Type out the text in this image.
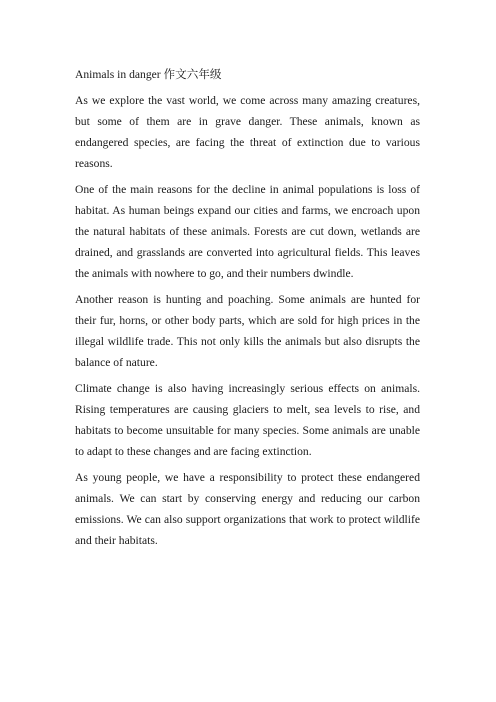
Animals in danger 作文六年级

As we explore the vast world, we come across many amazing creatures, but some of them are in grave danger. These animals, known as endangered species, are facing the threat of extinction due to various reasons.

One of the main reasons for the decline in animal populations is loss of habitat. As human beings expand our cities and farms, we encroach upon the natural habitats of these animals. Forests are cut down, wetlands are drained, and grasslands are converted into agricultural fields. This leaves the animals with nowhere to go, and their numbers dwindle.

Another reason is hunting and poaching. Some animals are hunted for their fur, horns, or other body parts, which are sold for high prices in the illegal wildlife trade. This not only kills the animals but also disrupts the balance of nature.

Climate change is also having increasingly serious effects on animals. Rising temperatures are causing glaciers to melt, sea levels to rise, and habitats to become unsuitable for many species. Some animals are unable to adapt to these changes and are facing extinction.

As young people, we have a responsibility to protect these endangered animals. We can start by conserving energy and reducing our carbon emissions. We can also support organizations that work to protect wildlife and their habitats.
